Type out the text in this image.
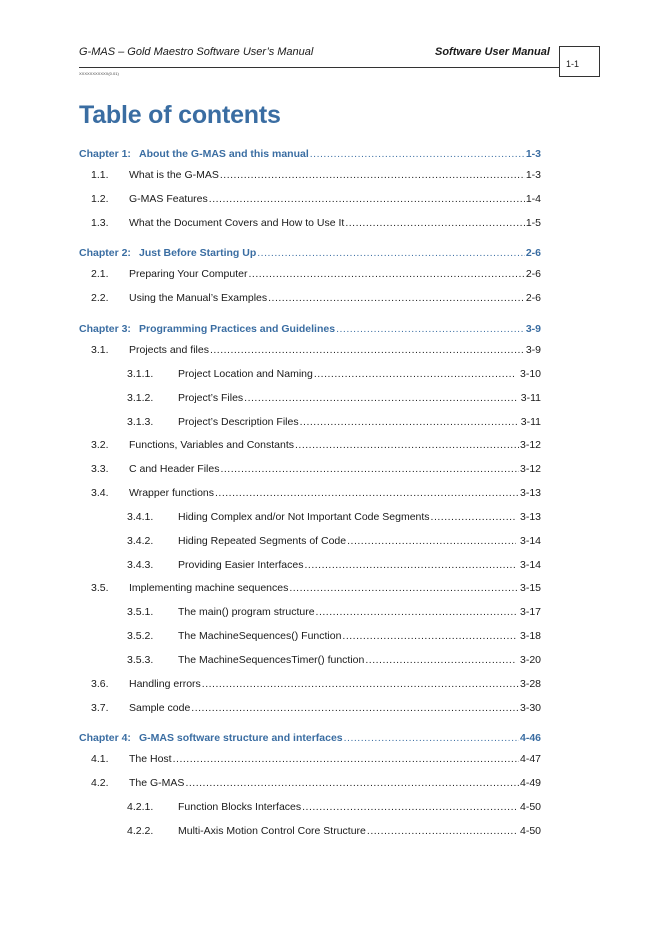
G-MAS – Gold Maestro Software User’s Manual	Software User Manual
XXXXXXXXXXX(0.01)
1-1
Table of contents
Chapter 1: About the G-MAS and this manual .....	1-3
1.1.	What is the G-MAS .....	1-3
1.2.	G-MAS Features .....	1-4
1.3.	What the Document Covers and How to Use It .....	1-5
Chapter 2: Just Before Starting Up .....	2-6
2.1.	Preparing Your Computer .....	2-6
2.2.	Using the Manual’s Examples .....	2-6
Chapter 3: Programming Practices and Guidelines .....	3-9
3.1.	Projects and files .....	3-9
3.1.1.	Project Location and Naming .....	3-10
3.1.2.	Project’s Files .....	3-11
3.1.3.	Project’s Description Files .....	3-11
3.2.	Functions, Variables and Constants .....	3-12
3.3.	C and Header Files .....	3-12
3.4.	Wrapper functions .....	3-13
3.4.1.	Hiding Complex and/or Not Important Code Segments .....	3-13
3.4.2.	Hiding Repeated Segments of Code .....	3-14
3.4.3.	Providing Easier Interfaces .....	3-14
3.5.	Implementing machine sequences .....	3-15
3.5.1.	The main() program structure .....	3-17
3.5.2.	The MachineSequences() Function .....	3-18
3.5.3.	The MachineSequencesTimer() function .....	3-20
3.6.	Handling errors .....	3-28
3.7.	Sample code .....	3-30
Chapter 4: G-MAS software structure and interfaces .....	4-46
4.1.	The Host .....	4-47
4.2.	The G-MAS .....	4-49
4.2.1.	Function Blocks Interfaces .....	4-50
4.2.2.	Multi-Axis Motion Control Core Structure .....	4-50
